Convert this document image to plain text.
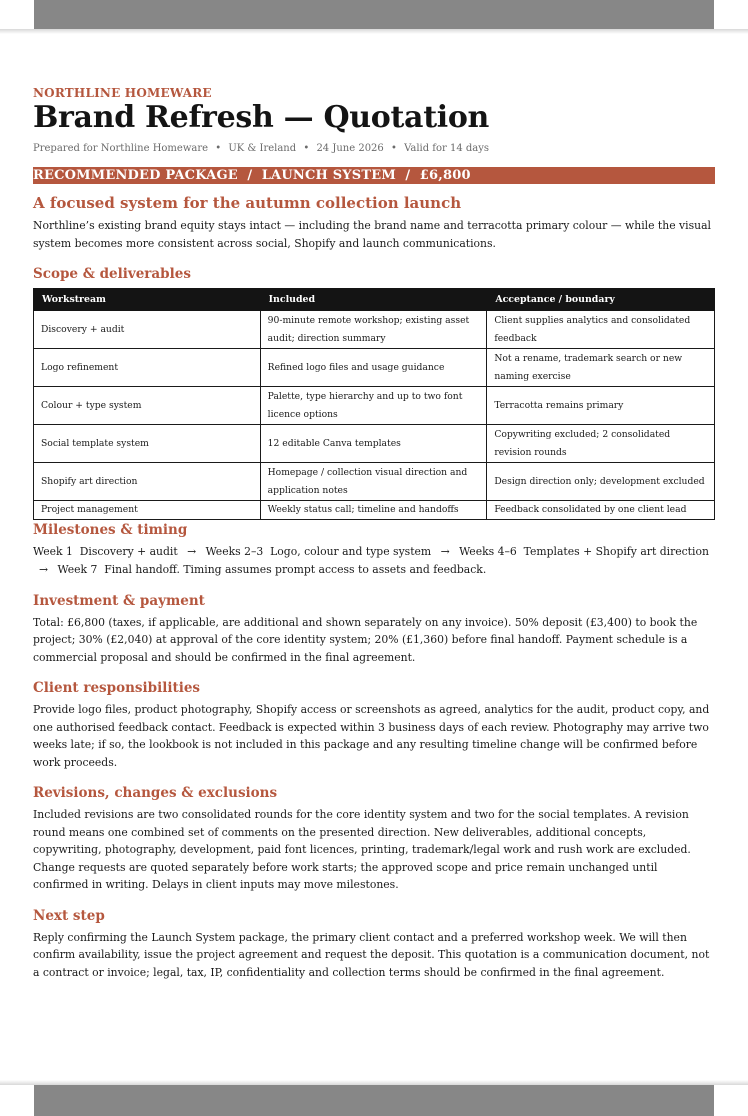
NORTHLINE HOMEWARE
Brand Refresh — Quotation
Prepared for Northline Homeware • UK & Ireland • 24 June 2026 • Valid for 14 days
RECOMMENDED PACKAGE  /  LAUNCH SYSTEM  /  £6,800
A focused system for the autumn collection launch

Northline’s existing brand equity stays intact — including the brand name and terracotta primary colour — while the visual system becomes more consistent across social, Shopify and launch communications.

Scope & deliverables
Workstream	Included	Acceptance / boundary
Discovery + audit	90-minute remote workshop; existing asset audit; direction summary	Client supplies analytics and consolidated feedback
Logo refinement	Refined logo files and usage guidance	Not a rename, trademark search or new naming exercise
Colour + type system	Palette, type hierarchy and up to two font licence options	Terracotta remains primary
Social template system	12 editable Canva templates	Copywriting excluded; 2 consolidated revision rounds
Shopify art direction	Homepage / collection visual direction and application notes	Design direction only; development excluded
Project management	Weekly status call; timeline and handoffs	Feedback consolidated by one client lead
Milestones & timing

Week 1 Discovery + audit → Weeks 2–3 Logo, colour and type system → Weeks 4–6 Templates + Shopify art direction → Week 7 Final handoff. Timing assumes prompt access to assets and feedback.

Investment & payment

Total: £6,800 (taxes, if applicable, are additional and shown separately on any invoice). 50% deposit (£3,400) to book the project; 30% (£2,040) at approval of the core identity system; 20% (£1,360) before final handoff. Payment schedule is a commercial proposal and should be confirmed in the final agreement.

Client responsibilities

Provide logo files, product photography, Shopify access or screenshots as agreed, analytics for the audit, product copy, and one authorised feedback contact. Feedback is expected within 3 business days of each review. Photography may arrive two weeks late; if so, the lookbook is not included in this package and any resulting timeline change will be confirmed before work proceeds.

Revisions, changes & exclusions

Included revisions are two consolidated rounds for the core identity system and two for the social templates. A revision round means one combined set of comments on the presented direction. New deliverables, additional concepts, copywriting, photography, development, paid font licences, printing, trademark/legal work and rush work are excluded. Change requests are quoted separately before work starts; the approved scope and price remain unchanged until confirmed in writing. Delays in client inputs may move milestones.

Next step

Reply confirming the Launch System package, the primary client contact and a preferred workshop week. We will then confirm availability, issue the project agreement and request the deposit. This quotation is a communication document, not a contract or invoice; legal, tax, IP, confidentiality and collection terms should be confirmed in the final agreement.
